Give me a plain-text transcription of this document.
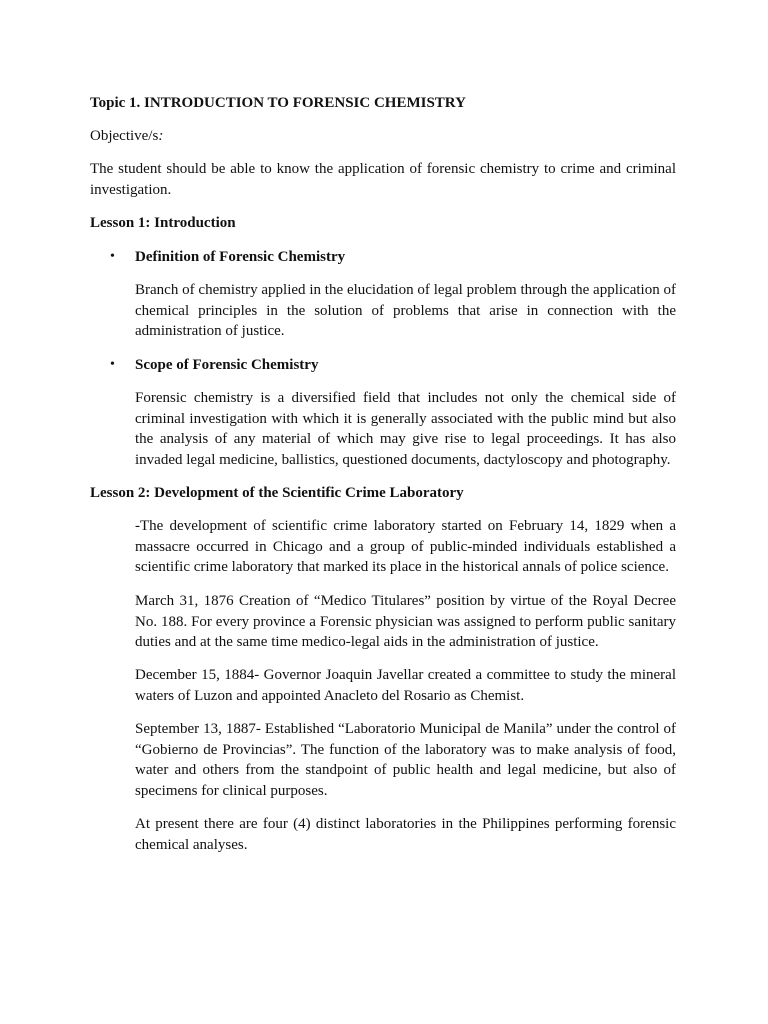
Topic 1. INTRODUCTION TO FORENSIC CHEMISTRY

Objective/s:

The student should be able to know the application of forensic chemistry to crime and criminal investigation.

Lesson 1: Introduction

• Definition of Forensic Chemistry

Branch of chemistry applied in the elucidation of legal problem through the application of chemical principles in the solution of problems that arise in connection with the administration of justice.

• Scope of Forensic Chemistry

Forensic chemistry is a diversified field that includes not only the chemical side of criminal investigation with which it is generally associated with the public mind but also the analysis of any material of which may give rise to legal proceedings. It has also invaded legal medicine, ballistics, questioned documents, dactyloscopy and photography.

Lesson 2: Development of the Scientific Crime Laboratory

-The development of scientific crime laboratory started on February 14, 1829 when a massacre occurred in Chicago and a group of public-minded individuals established a scientific crime laboratory that marked its place in the historical annals of police science.

March 31, 1876 Creation of “Medico Titulares” position by virtue of the Royal Decree No. 188. For every province a Forensic physician was assigned to perform public sanitary duties and at the same time medico-legal aids in the administration of justice.

December 15, 1884- Governor Joaquin Javellar created a committee to study the mineral waters of Luzon and appointed Anacleto del Rosario as Chemist.

September 13, 1887- Established “Laboratorio Municipal de Manila” under the control of “Gobierno de Provincias”. The function of the laboratory was to make analysis of food, water and others from the standpoint of public health and legal medicine, but also of specimens for clinical purposes.

At present there are four (4) distinct laboratories in the Philippines performing forensic chemical analyses.
